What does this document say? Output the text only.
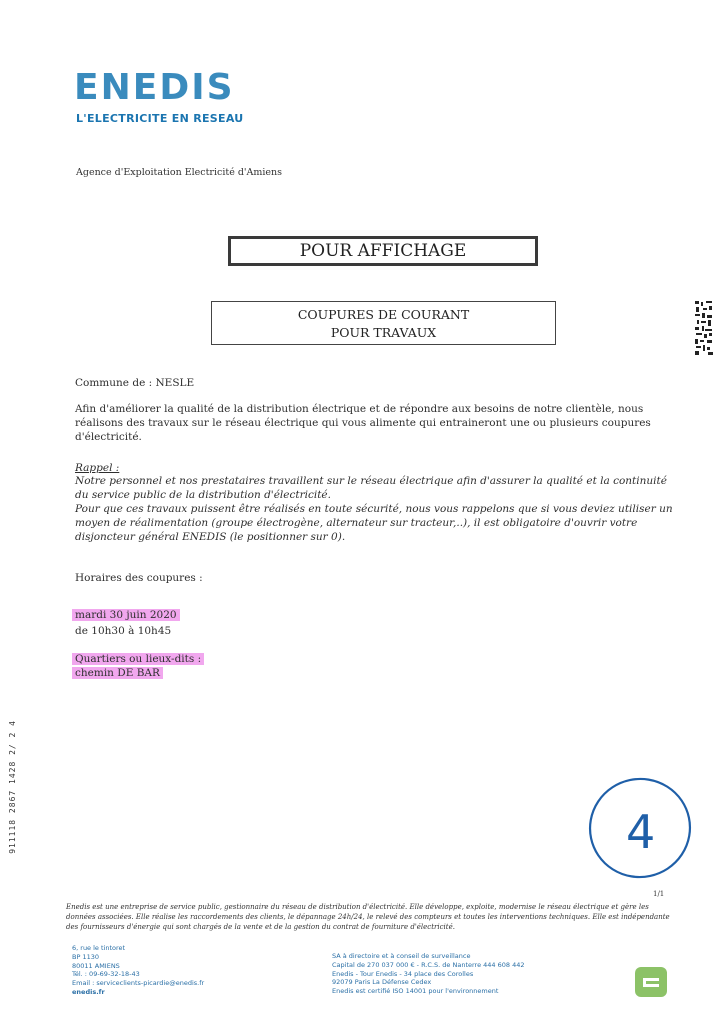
ENEDIS
L'ELECTRICITE EN RESEAU
Agence d'Exploitation Electricité d'Amiens
POUR AFFICHAGE
COUPURES DE COURANT
POUR TRAVAUX
Commune de : NESLE
Afin d'améliorer la qualité de la distribution électrique et de répondre aux besoins de notre clientèle, nous réalisons des travaux sur le réseau électrique qui vous alimente qui entraineront une ou plusieurs coupures d'électricité.
Rappel :
Notre personnel et nos prestataires travaillent sur le réseau électrique afin d'assurer la qualité et la continuité du service public de la distribution d'électricité.
Pour que ces travaux puissent être réalisés en toute sécurité, nous vous rappelons que si vous deviez utiliser un moyen de réalimentation (groupe électrogène, alternateur sur tracteur,..), il est obligatoire d'ouvrir votre disjoncteur général ENEDIS (le positionner sur 0).
Horaires des coupures :
mardi 30 juin 2020
de 10h30 à 10h45
Quartiers ou lieux-dits :
chemin DE BAR
911118 2867 1428 2/ 2 4	4
1/1
Enedis est une entreprise de service public, gestionnaire du réseau de distribution d'électricité. Elle développe, exploite, modernise le réseau électrique et gère les données associées. Elle réalise les raccordements des clients, le dépannage 24h/24, le relevé des compteurs et toutes les interventions techniques. Elle est indépendante des fournisseurs d'énergie qui sont chargés de la vente et de la gestion du contrat de fourniture d'électricité.
6, rue le tintoret
BP 1130
80011 AMIENS
Tél. : 09-69-32-18-43
Email : serviceclients-picardie@enedis.fr
enedis.fr
SA à directoire et à conseil de surveillance
Capital de 270 037 000 € - R.C.S. de Nanterre 444 608 442
Enedis - Tour Enedis - 34 place des Corolles
92079 Paris La Défense Cedex
Enedis est certifié ISO 14001 pour l'environnement
